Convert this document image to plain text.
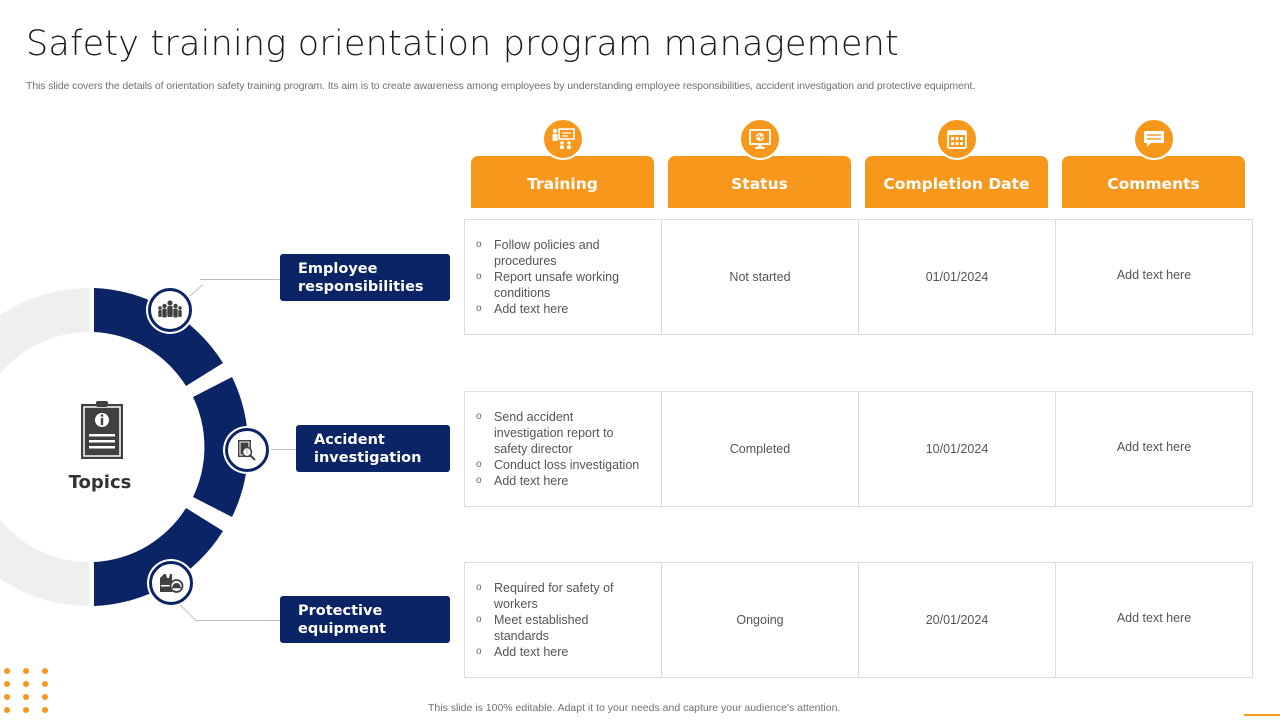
Safety training orientation program management
This slide covers the details of orientation safety training program. Its aim is to create awareness among employees by understanding employee responsibilities, accident investigation and protective equipment.
Topics
!
Employee
responsibilities
Accident
investigation
Protective
equipment
Training	Status	Completion Date	Comments
o Follow policies and procedures
o Report unsafe working conditions
o Add text here
Not started	01/01/2024	Add text here
o Send accident investigation report to safety director
o Conduct loss investigation
o Add text here
Completed	10/01/2024	Add text here
o Required for safety of workers
o Meet established standards
o Add text here
Ongoing	20/01/2024	Add text here
This slide is 100% editable. Adapt it to your needs and capture your audience's attention.
